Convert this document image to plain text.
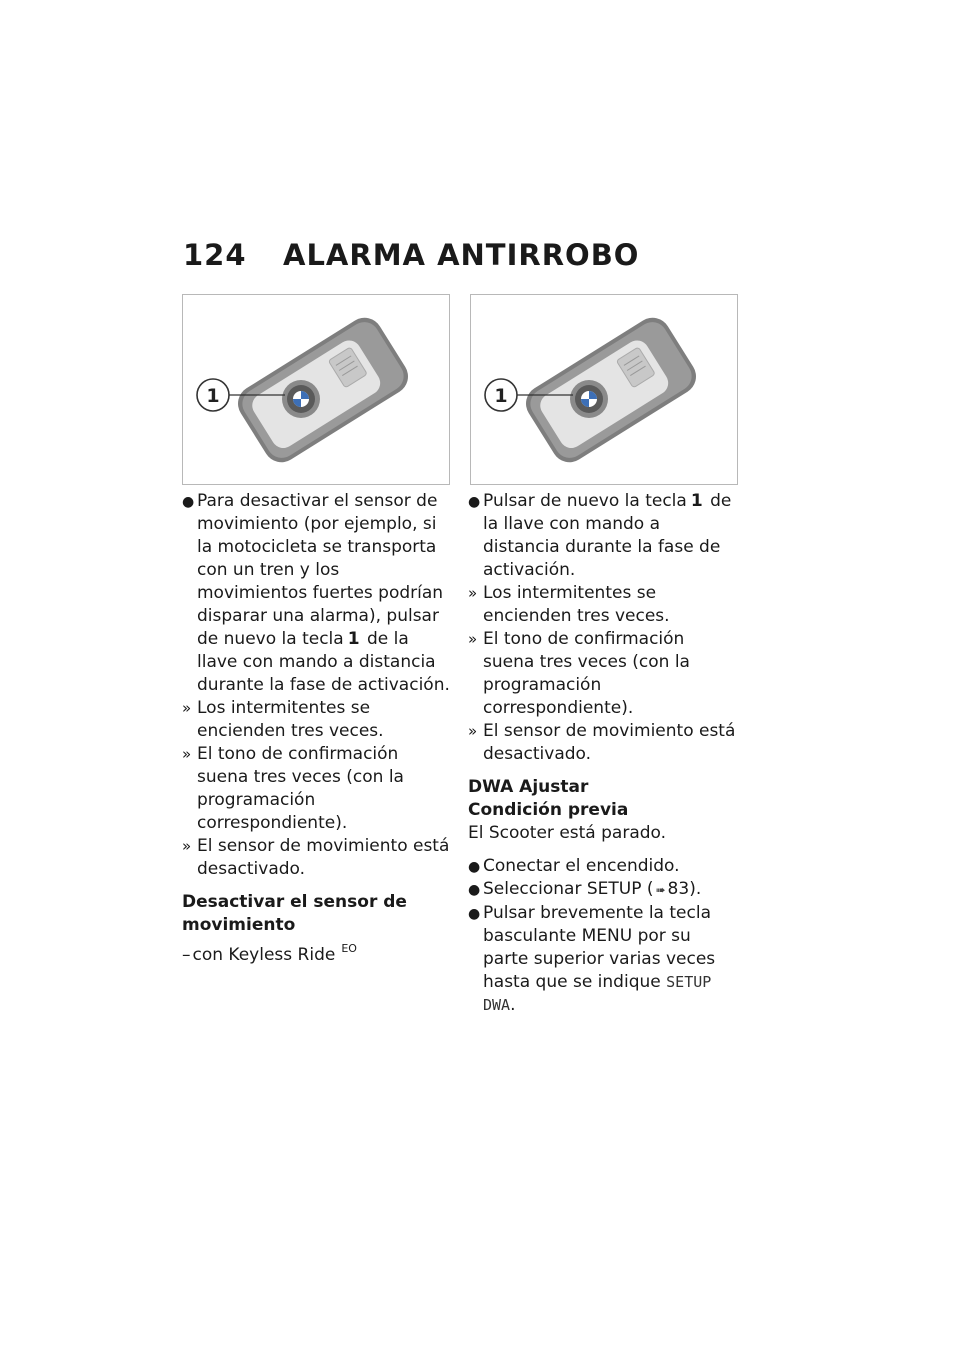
124 ALARMA ANTIRROBO
1	1

● Para desactivar el sensor de movimiento (por ejemplo, si la motocicleta se transporta con un tren y los movimientos fuertes podrían disparar una alarma), pulsar de nuevo la tecla 1 de la llave con mando a distancia durante la fase de activación.

» Los intermitentes se encienden tres veces.

» El tono de confirmación suena tres veces (con la programación correspondiente).

» El sensor de movimiento está desactivado.

Desactivar el sensor de movimiento

– con Keyless Ride $^{EO}$

● Pulsar de nuevo la tecla 1 de la llave con mando a distancia durante la fase de activación.

» Los intermitentes se encienden tres veces.

» El tono de confirmación suena tres veces (con la programación correspondiente).

» El sensor de movimiento está desactivado.

DWA Ajustar

Condición previa

El Scooter está parado.

● Conectar el encendido.

● Seleccionar SETUP ( ➠ 83).

● Pulsar brevemente la tecla basculante MENU por su parte superior varias veces hasta que se indique SETUP DWA.
